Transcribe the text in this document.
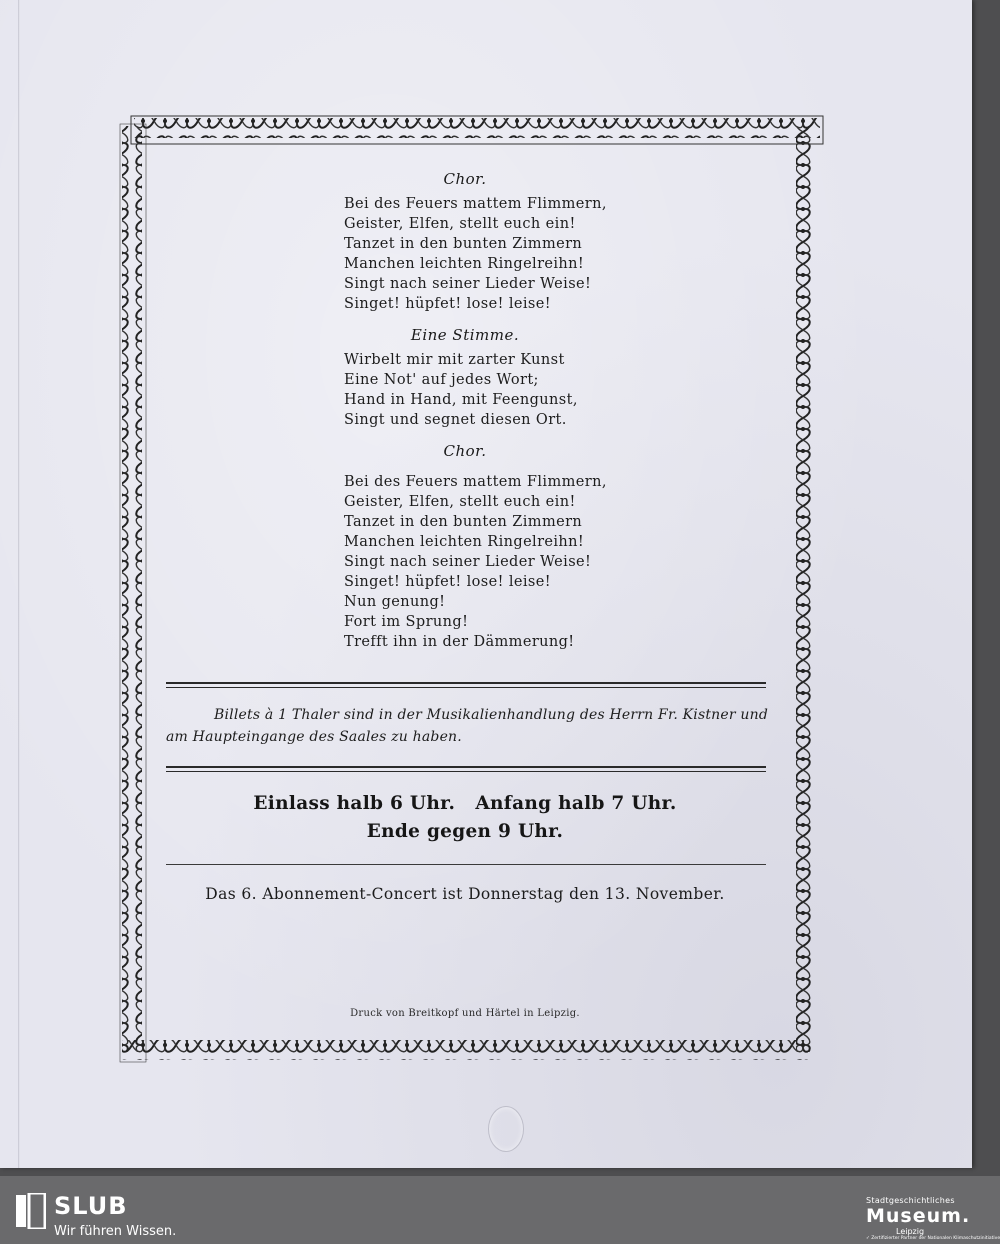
Chor.
Bei des Feuers mattem Flimmern,
Geister, Elfen, stellt euch ein!
Tanzet in den bunten Zimmern
Manchen leichten Ringelreihn!
Singt nach seiner Lieder Weise!
Singet! hüpfet! lose! leise!
Eine Stimme.
Wirbelt mir mit zarter Kunst
Eine Not' auf jedes Wort;
Hand in Hand, mit Feengunst,
Singt und segnet diesen Ort.
Chor.
Bei des Feuers mattem Flimmern,
Geister, Elfen, stellt euch ein!
Tanzet in den bunten Zimmern
Manchen leichten Ringelreihn!
Singt nach seiner Lieder Weise!
Singet! hüpfet! lose! leise!
Nun genung!
Fort im Sprung!
Trefft ihn in der Dämmerung!

Billets à 1 Thaler sind in der Musikalienhandlung des Herrn Fr. Kistner und am Haupteingange des Saales zu haben.

Einlass halb 6 Uhr.   Anfang halb 7 Uhr.
Ende gegen 9 Uhr.
Das 6. Abonnement-Concert ist Donnerstag den 13. November.
Druck von Breitkopf und Härtel in Leipzig.
SLUB
Wir führen Wissen.
Stadtgeschichtliches
Museum.
Leipzig
✓ Zertifizierter Partner der Nationalen Klimaschutzinitiative
